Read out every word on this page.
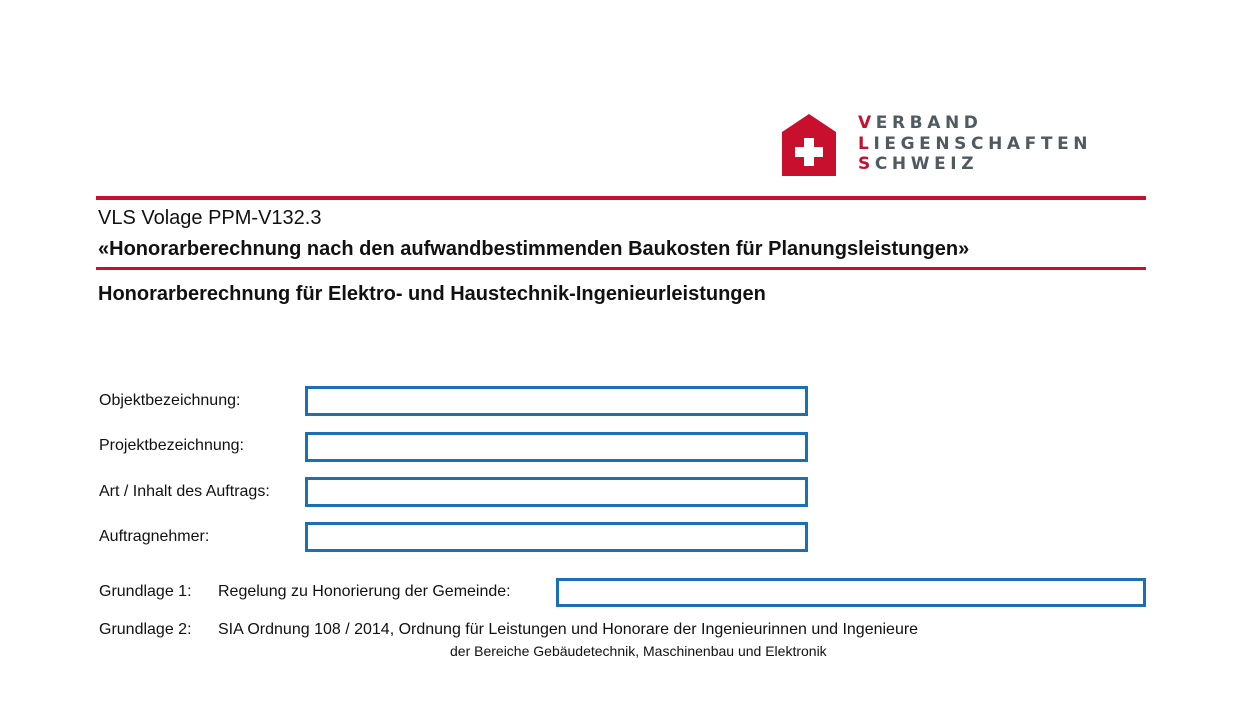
VERBAND
LIEGENSCHAFTEN
SCHWEIZ
VLS Volage PPM-V132.3
«Honorarberechnung nach den aufwandbestimmenden Baukosten für Planungsleistungen»
Honorarberechnung für Elektro- und Haustechnik-Ingenieurleistungen
Objektbezeichnung:
Projektbezeichnung:
Art / Inhalt des Auftrags:
Auftragnehmer:
Grundlage 1: Regelung zu Honorierung der Gemeinde:
Grundlage 2: SIA Ordnung 108 / 2014, Ordnung für Leistungen und Honorare der Ingenieurinnen und Ingenieure
der Bereiche Gebäudetechnik, Maschinenbau und Elektronik
